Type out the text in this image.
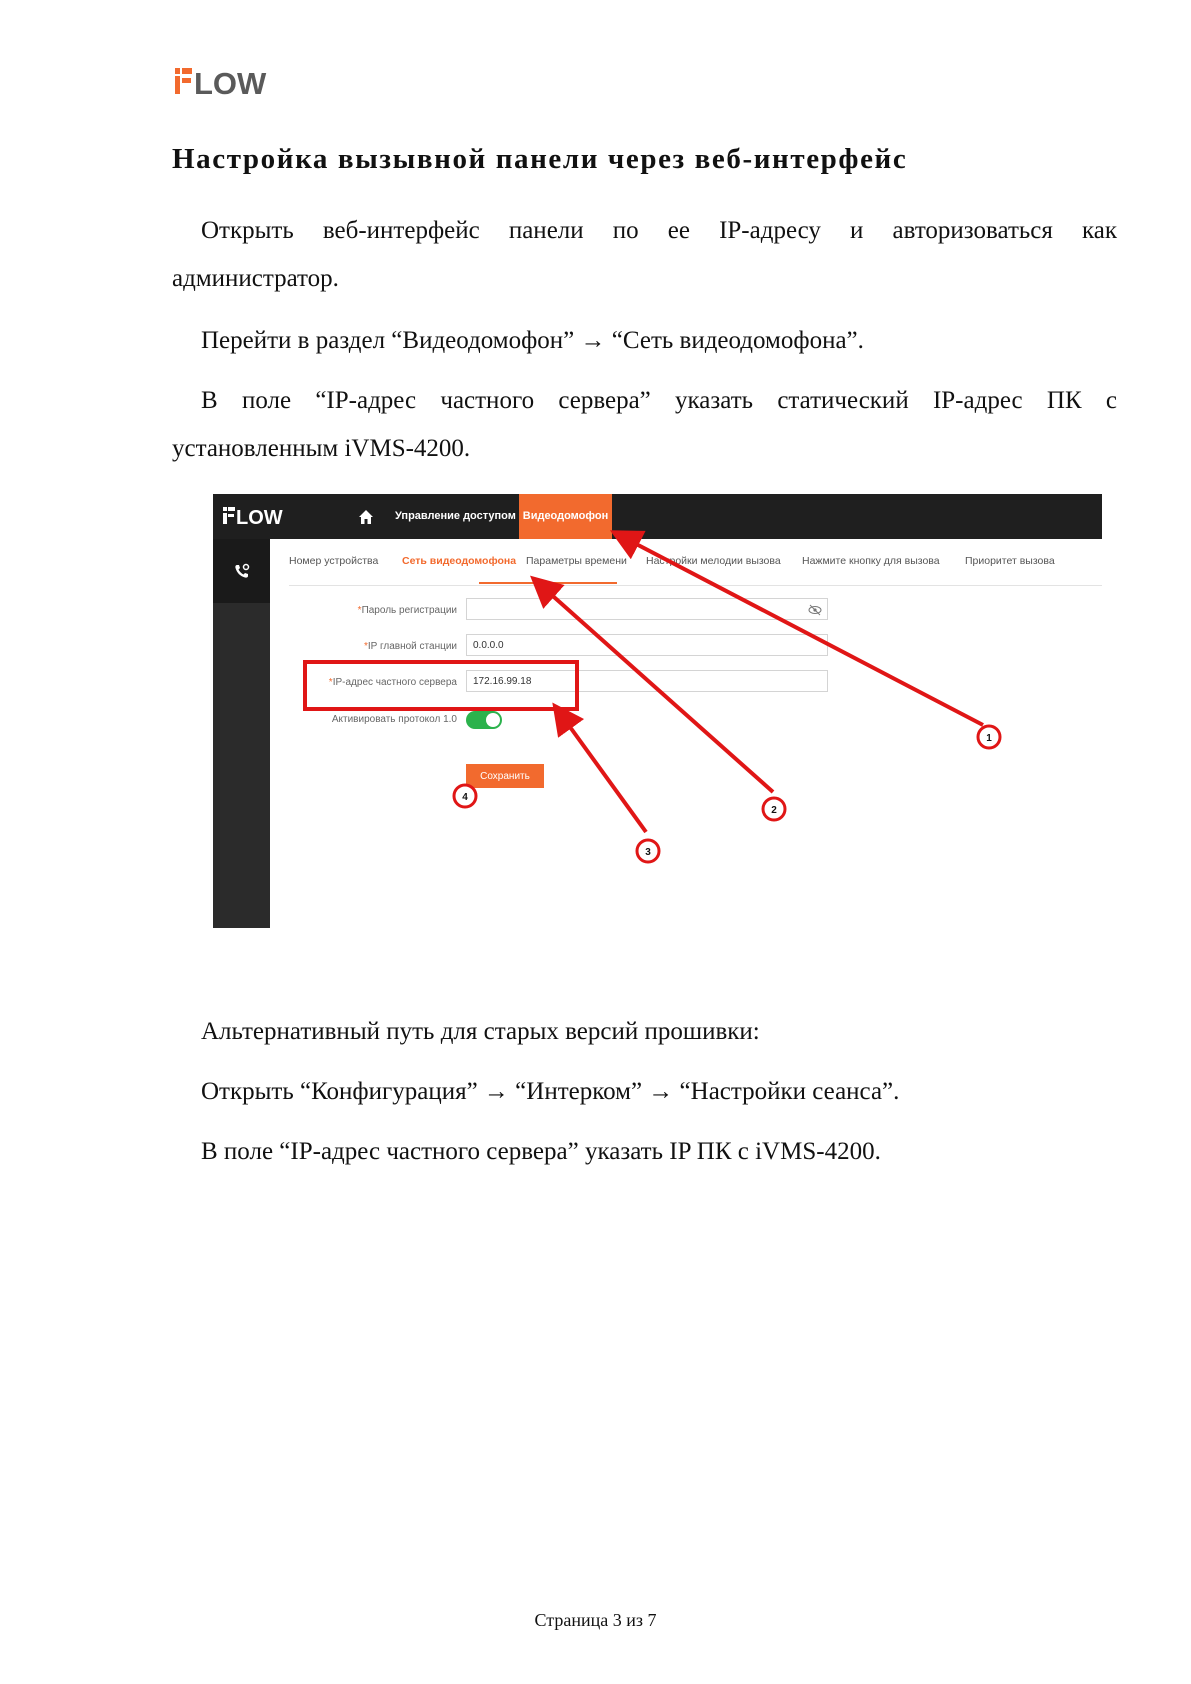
LOW
Настройка вызывной панели через веб-интерфейс

Открыть веб-интерфейс панели по ее IP-адресу и авторизоваться как
администратор.

Перейти в раздел “Видеодомофон” → “Сеть видеодомофона”.

В поле “IP-адрес частного сервера” указать статический IP-адрес ПК с
установленным iVMS-4200.

LOW	Управление доступом Видеодомофон
Номер устройства Сеть видеодомофона Параметры времени Настройки мелодии вызова Нажмите кнопку для вызова Приоритет вызова
*Пароль регистрации
*IP главной станции	0.0.0.0
*IP-адрес частного сервера	172.16.99.18
Активировать протокол 1.0
Сохранить
1
2
3
4

Альтернативный путь для старых версий прошивки:

Открыть “Конфигурация” → “Интерком” → “Настройки сеанса”.

В поле “IP-адрес частного сервера” указать IP ПК с iVMS-4200.

Страница 3 из 7
